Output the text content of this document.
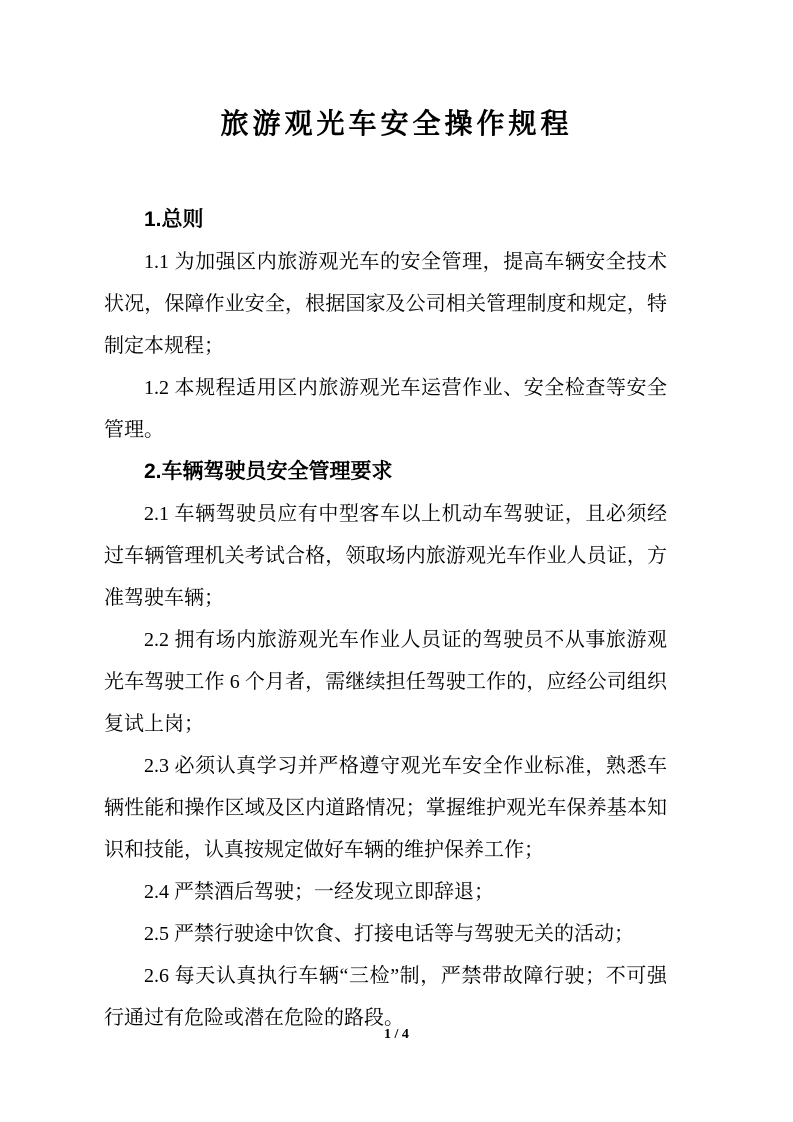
旅游观光车安全操作规程
1.总则

1.1 为加强区内旅游观光车的安全管理，提高车辆安全技术状况，保障作业安全，根据国家及公司相关管理制度和规定，特制定本规程；

1.2 本规程适用区内旅游观光车运营作业、安全检查等安全管理。

2.车辆驾驶员安全管理要求

2.1 车辆驾驶员应有中型客车以上机动车驾驶证，且必须经过车辆管理机关考试合格，领取场内旅游观光车作业人员证，方准驾驶车辆；

2.2 拥有场内旅游观光车作业人员证的驾驶员不从事旅游观光车驾驶工作 6 个月者，需继续担任驾驶工作的，应经公司组织复试上岗；

2.3 必须认真学习并严格遵守观光车安全作业标准，熟悉车辆性能和操作区域及区内道路情况；掌握维护观光车保养基本知识和技能，认真按规定做好车辆的维护保养工作；

2.4 严禁酒后驾驶；一经发现立即辞退；

2.5 严禁行驶途中饮食、打接电话等与驾驶无关的活动；

2.6 每天认真执行车辆“三检”制，严禁带故障行驶；不可强行通过有危险或潜在危险的路段。

1 / 4
